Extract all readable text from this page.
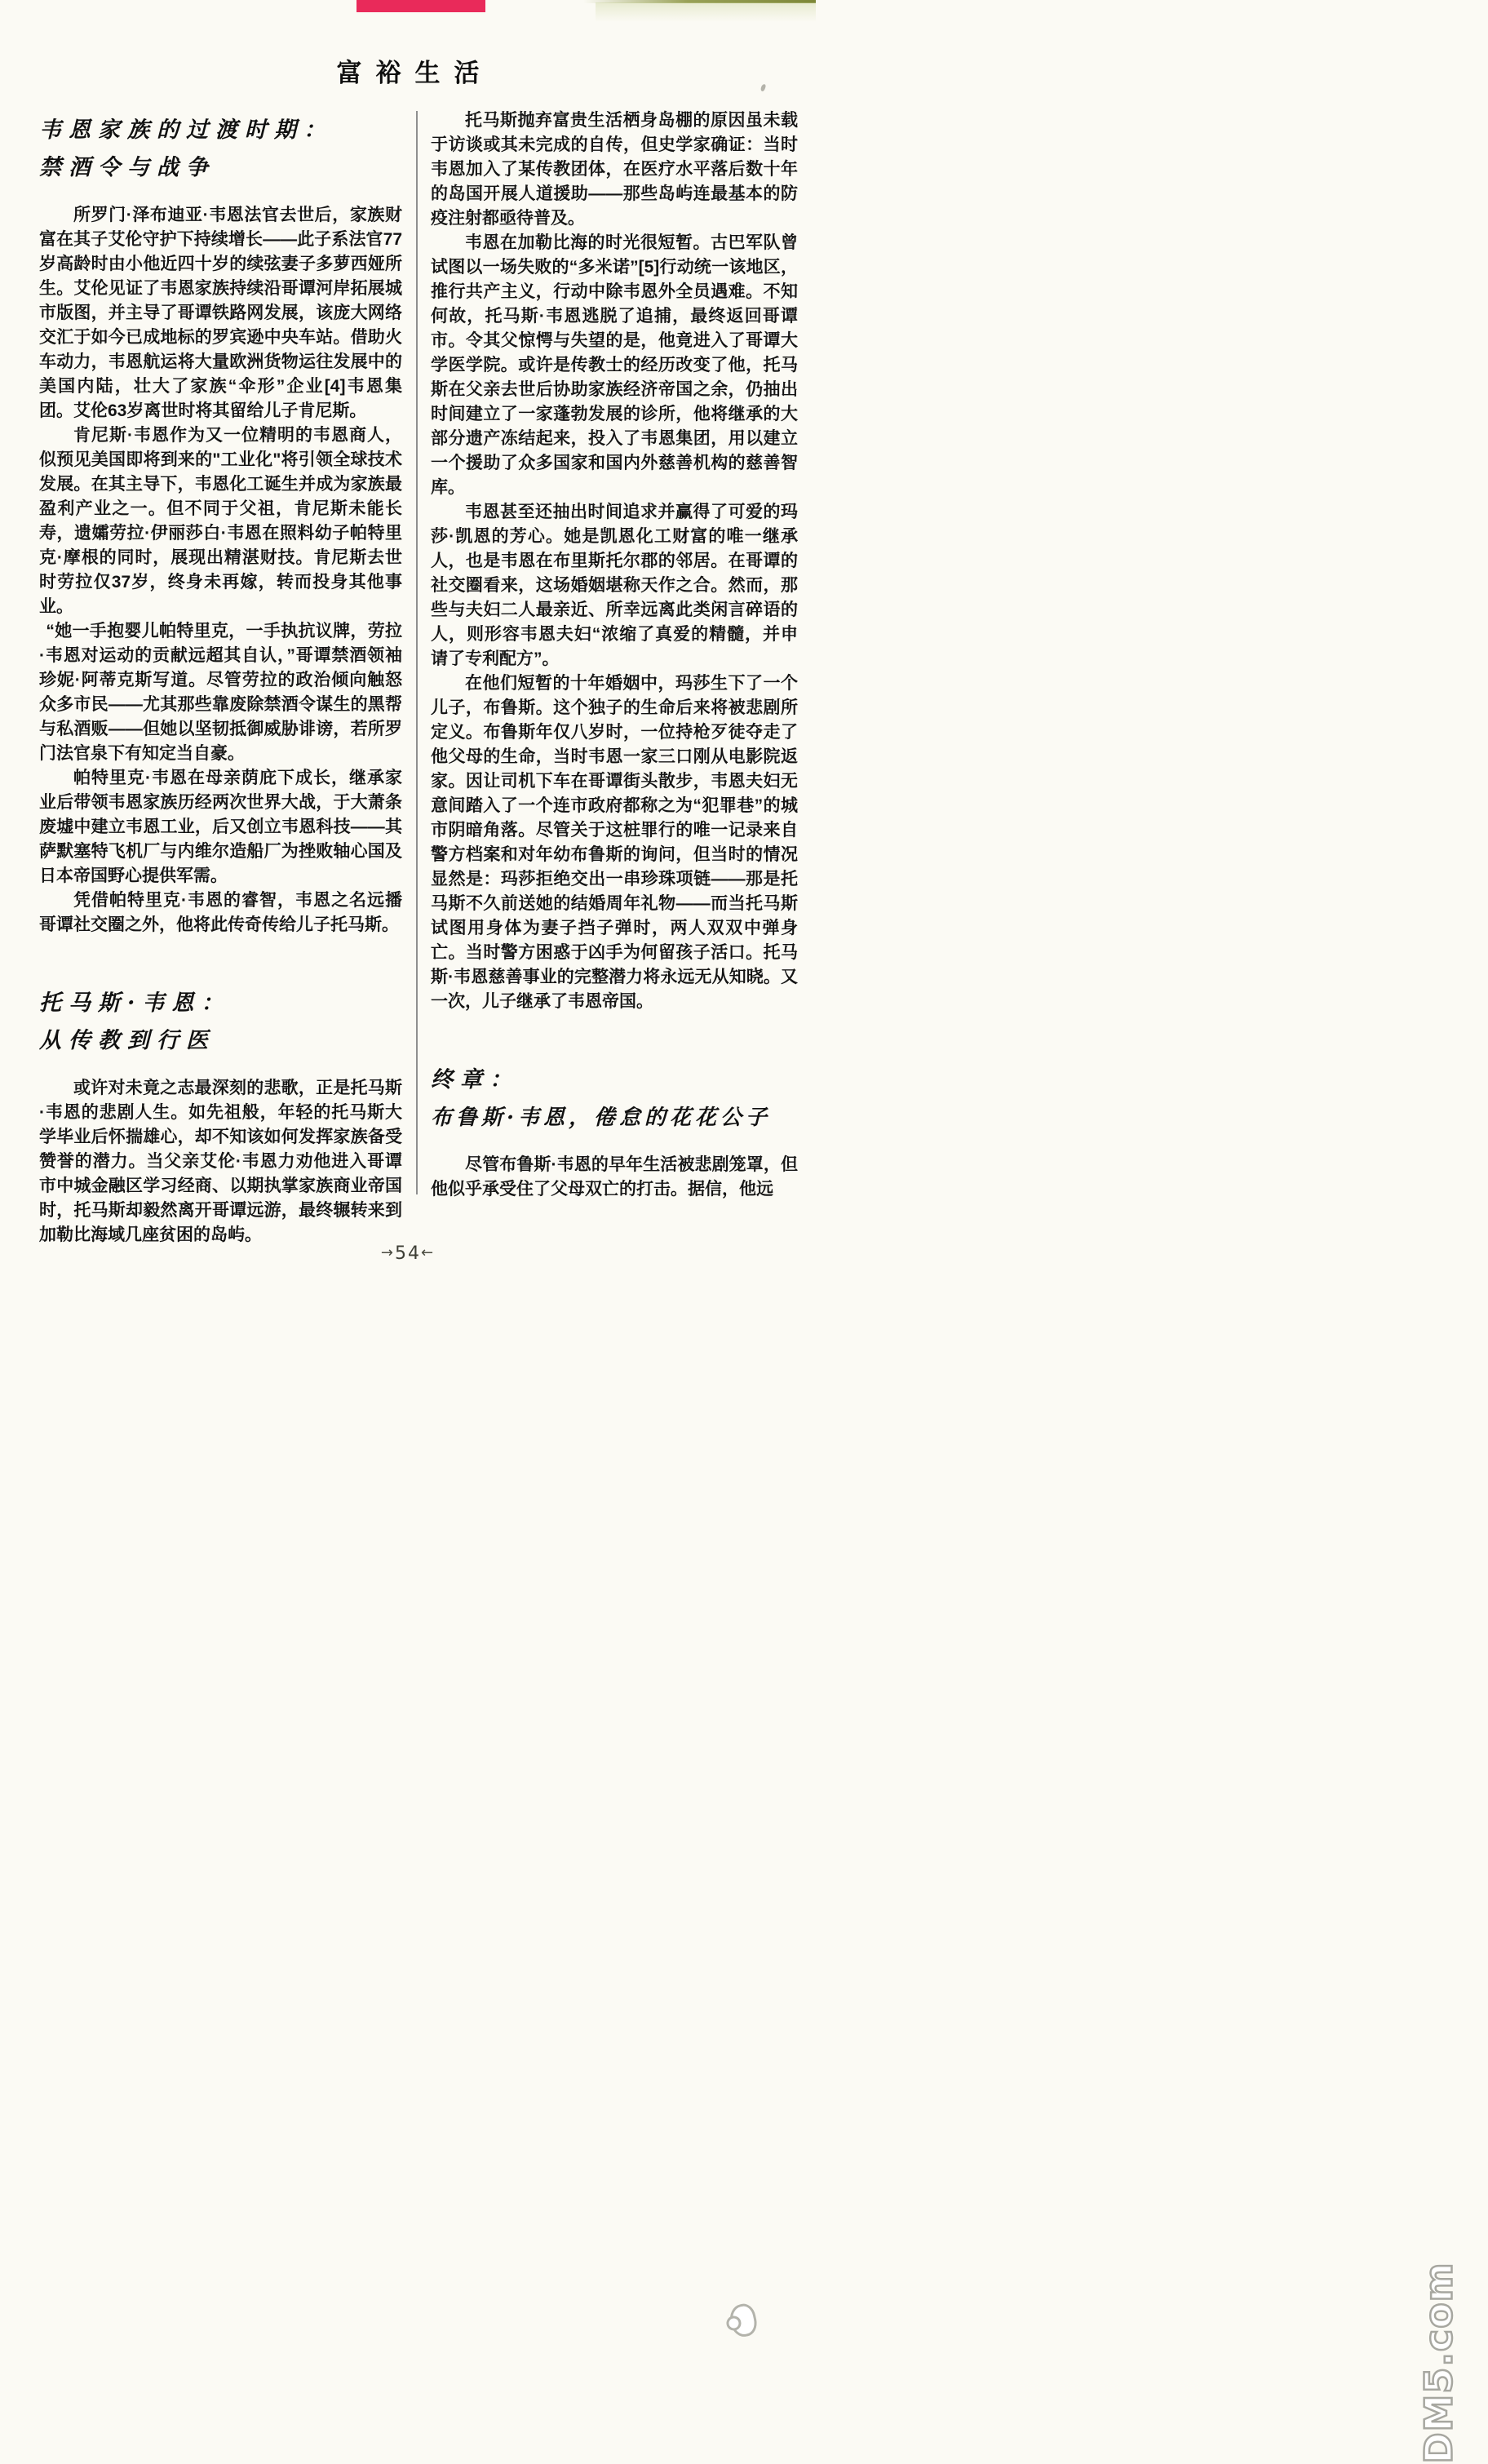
富裕生活
韦恩家族的过渡时期：
禁酒令与战争

所罗门·泽布迪亚·韦恩法官去世后，家族财富在其子艾伦守护下持续增长——此子系法官77岁高龄时由小他近四十岁的续弦妻子多萝西娅所生。艾伦见证了韦恩家族持续沿哥谭河岸拓展城市版图，并主导了哥谭铁路网发展，该庞大网络交汇于如今已成地标的罗宾逊中央车站。借助火车动力，韦恩航运将大量欧洲货物运往发展中的美国内陆，壮大了家族“伞形”企业[4]韦恩集团。艾伦63岁离世时将其留给儿子肯尼斯。

肯尼斯·韦恩作为又一位精明的韦恩商人，似预见美国即将到来的"工业化"将引领全球技术发展。在其主导下，韦恩化工诞生并成为家族最盈利产业之一。但不同于父祖，肯尼斯未能长寿，遗孀劳拉·伊丽莎白·韦恩在照料幼子帕特里克·摩根的同时，展现出精湛财技。肯尼斯去世时劳拉仅37岁，终身未再嫁，转而投身其他事业。

“她一手抱婴儿帕特里克，一手执抗议牌，劳拉·韦恩对运动的贡献远超其自认，”哥谭禁酒领袖珍妮·阿蒂克斯写道。尽管劳拉的政治倾向触怒众多市民——尤其那些靠废除禁酒令谋生的黑帮与私酒贩——但她以坚韧抵御威胁诽谤，若所罗门法官泉下有知定当自豪。

帕特里克·韦恩在母亲荫庇下成长，继承家业后带领韦恩家族历经两次世界大战，于大萧条废墟中建立韦恩工业，后又创立韦恩科技——其萨默塞特飞机厂与内维尔造船厂为挫败轴心国及日本帝国野心提供军需。

凭借帕特里克·韦恩的睿智，韦恩之名远播哥谭社交圈之外，他将此传奇传给儿子托马斯。

托马斯·韦恩：
从传教到行医

或许对未竟之志最深刻的悲歌，正是托马斯·韦恩的悲剧人生。如先祖般，年轻的托马斯大学毕业后怀揣雄心，却不知该如何发挥家族备受赞誉的潜力。当父亲艾伦·韦恩力劝他进入哥谭市中城金融区学习经商、以期执掌家族商业帝国时，托马斯却毅然离开哥谭远游，最终辗转来到加勒比海域几座贫困的岛屿。

托马斯抛弃富贵生活栖身岛棚的原因虽未载于访谈或其未完成的自传，但史学家确证：当时韦恩加入了某传教团体，在医疗水平落后数十年的岛国开展人道援助——那些岛屿连最基本的防疫注射都亟待普及。

韦恩在加勒比海的时光很短暂。古巴军队曾试图以一场失败的“多米诺”[5]行动统一该地区，推行共产主义，行动中除韦恩外全员遇难。不知何故，托马斯·韦恩逃脱了追捕，最终返回哥谭市。令其父惊愕与失望的是，他竟进入了哥谭大学医学院。或许是传教士的经历改变了他，托马斯在父亲去世后协助家族经济帝国之余，仍抽出时间建立了一家蓬勃发展的诊所，他将继承的大部分遗产冻结起来，投入了韦恩集团，用以建立一个援助了众多国家和国内外慈善机构的慈善智库。

韦恩甚至还抽出时间追求并赢得了可爱的玛莎·凯恩的芳心。她是凯恩化工财富的唯一继承人，也是韦恩在布里斯托尔郡的邻居。在哥谭的社交圈看来，这场婚姻堪称天作之合。然而，那些与夫妇二人最亲近、所幸远离此类闲言碎语的人，则形容韦恩夫妇“浓缩了真爱的精髓，并申请了专利配方”。

在他们短暂的十年婚姻中，玛莎生下了一个儿子，布鲁斯。这个独子的生命后来将被悲剧所定义。布鲁斯年仅八岁时，一位持枪歹徒夺走了他父母的生命，当时韦恩一家三口刚从电影院返家。因让司机下车在哥谭街头散步，韦恩夫妇无意间踏入了一个连市政府都称之为“犯罪巷”的城市阴暗角落。尽管关于这桩罪行的唯一记录来自警方档案和对年幼布鲁斯的询问，但当时的情况显然是：玛莎拒绝交出一串珍珠项链——那是托马斯不久前送她的结婚周年礼物——而当托马斯试图用身体为妻子挡子弹时，两人双双中弹身亡。当时警方困惑于凶手为何留孩子活口。托马斯·韦恩慈善事业的完整潜力将永远无从知晓。又一次，儿子继承了韦恩帝国。

终章：
布鲁斯·韦恩，倦怠的花花公子

尽管布鲁斯·韦恩的早年生活被悲剧笼罩，但他似乎承受住了父母双亡的打击。据信，他远

→54←
DM5.com
